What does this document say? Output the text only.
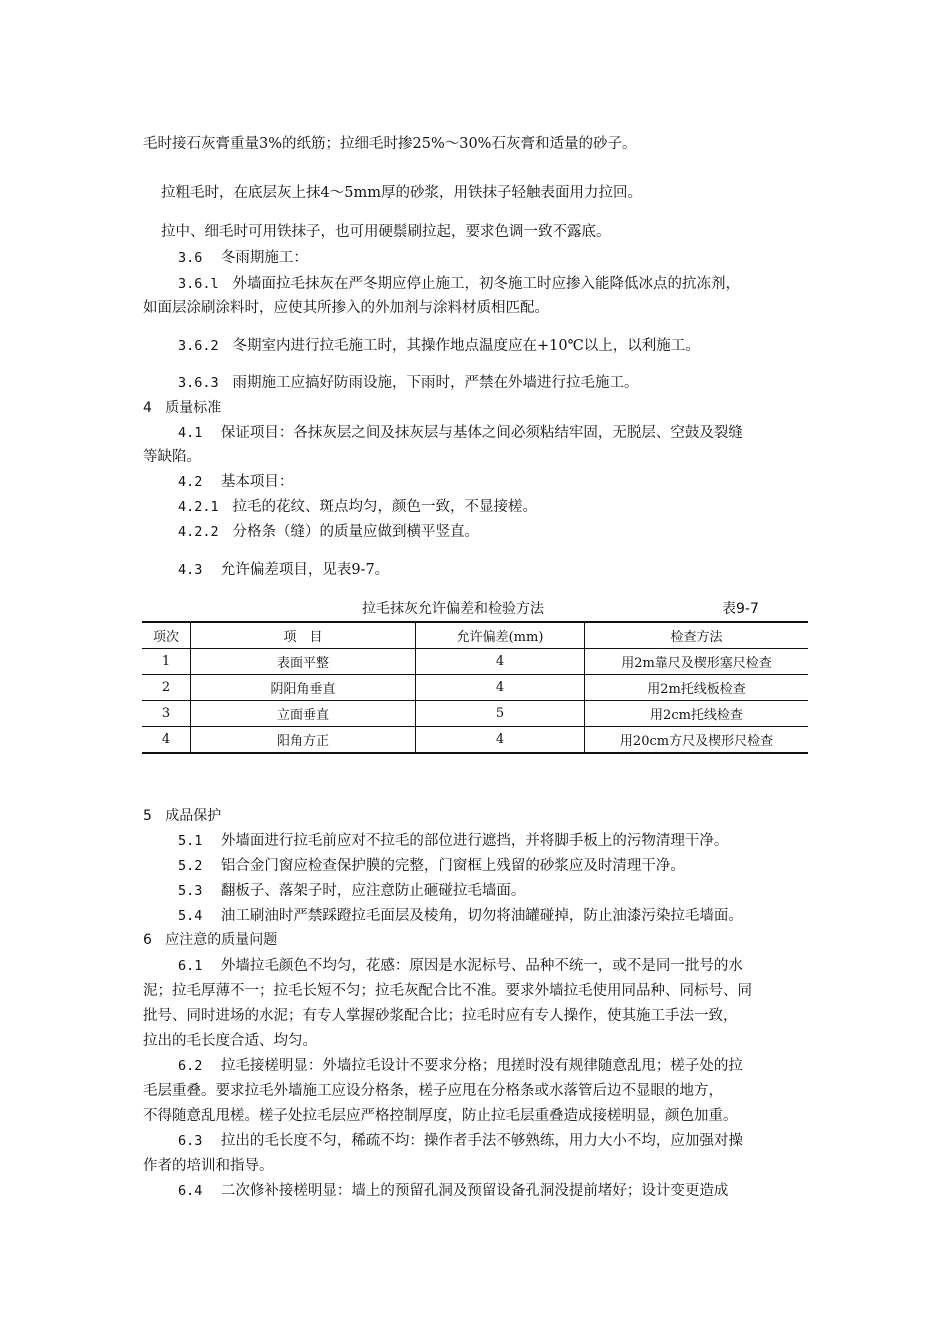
毛时接石灰膏重量3%的纸筋；拉细毛时掺25%～30%石灰膏和适量的砂子。
拉粗毛时，在底层灰上抹4～5mm厚的砂浆，用铁抹子轻触表面用力拉回。
拉中、细毛时可用铁抹子，也可用硬鬃刷拉起，要求色调一致不露底。
3.6 冬雨期施工：
3.6.l 外墙面拉毛抹灰在严冬期应停止施工，初冬施工时应掺入能降低冰点的抗冻剂，
如面层涂刷涂料时，应使其所掺入的外加剂与涂料材质相匹配。
3.6.2 冬期室内进行拉毛施工时，其操作地点温度应在+10℃以上，以利施工。
3.6.3 雨期施工应搞好防雨设施，下雨时，严禁在外墙进行拉毛施工。
4 质量标准
4.1 保证项目：各抹灰层之间及抹灰层与基体之间必须粘结牢固，无脱层、空鼓及裂缝
等缺陷。
4.2 基本项目：
4.2.1 拉毛的花纹、斑点均匀，颜色一致，不显接槎。
4.2.2 分格条（缝）的质量应做到横平竖直。
4.3 允许偏差项目，见表9-7。
拉毛抹灰允许偏差和检验方法	表9-7
项次	项　目	允许偏差(mm)	检查方法
1	表面平整	4	用2m靠尺及楔形塞尺检查
2	阴阳角垂直	4	用2m托线板检查
3	立面垂直	5	用2cm托线检查
4	阳角方正	4	用20cm方尺及楔形尺检查
5 成品保护
5.1 外墙面进行拉毛前应对不拉毛的部位进行遮挡，并将脚手板上的污物清理干净。
5.2 铝合金门窗应检查保护膜的完整，门窗框上残留的砂浆应及时清理干净。
5.3 翻板子、落架子时，应注意防止砸碰拉毛墙面。
5.4 油工刷油时严禁踩蹬拉毛面层及棱角，切勿将油罐碰掉，防止油漆污染拉毛墙面。
6 应注意的质量问题
6.1 外墙拉毛颜色不均匀，花感：原因是水泥标号、品种不统一，或不是同一批号的水
泥；拉毛厚薄不一；拉毛长短不匀；拉毛灰配合比不准。要求外墙拉毛使用同品种、同标号、同
批号、同时进场的水泥；有专人掌握砂浆配合比；拉毛时应有专人操作，使其施工手法一致，
拉出的毛长度合适、均匀。
6.2 拉毛接槎明显：外墙拉毛设计不要求分格；甩搓时没有规律随意乱甩；槎子处的拉
毛层重叠。要求拉毛外墙施工应设分格条，槎子应甩在分格条或水落管后边不显眼的地方，
不得随意乱甩槎。槎子处拉毛层应严格控制厚度，防止拉毛层重叠造成接槎明显，颜色加重。
6.3 拉出的毛长度不匀，稀疏不均：操作者手法不够熟练，用力大小不均，应加强对操
作者的培训和指导。
6.4 二次修补接槎明显：墙上的预留孔洞及预留设备孔洞没提前堵好；设计变更造成
